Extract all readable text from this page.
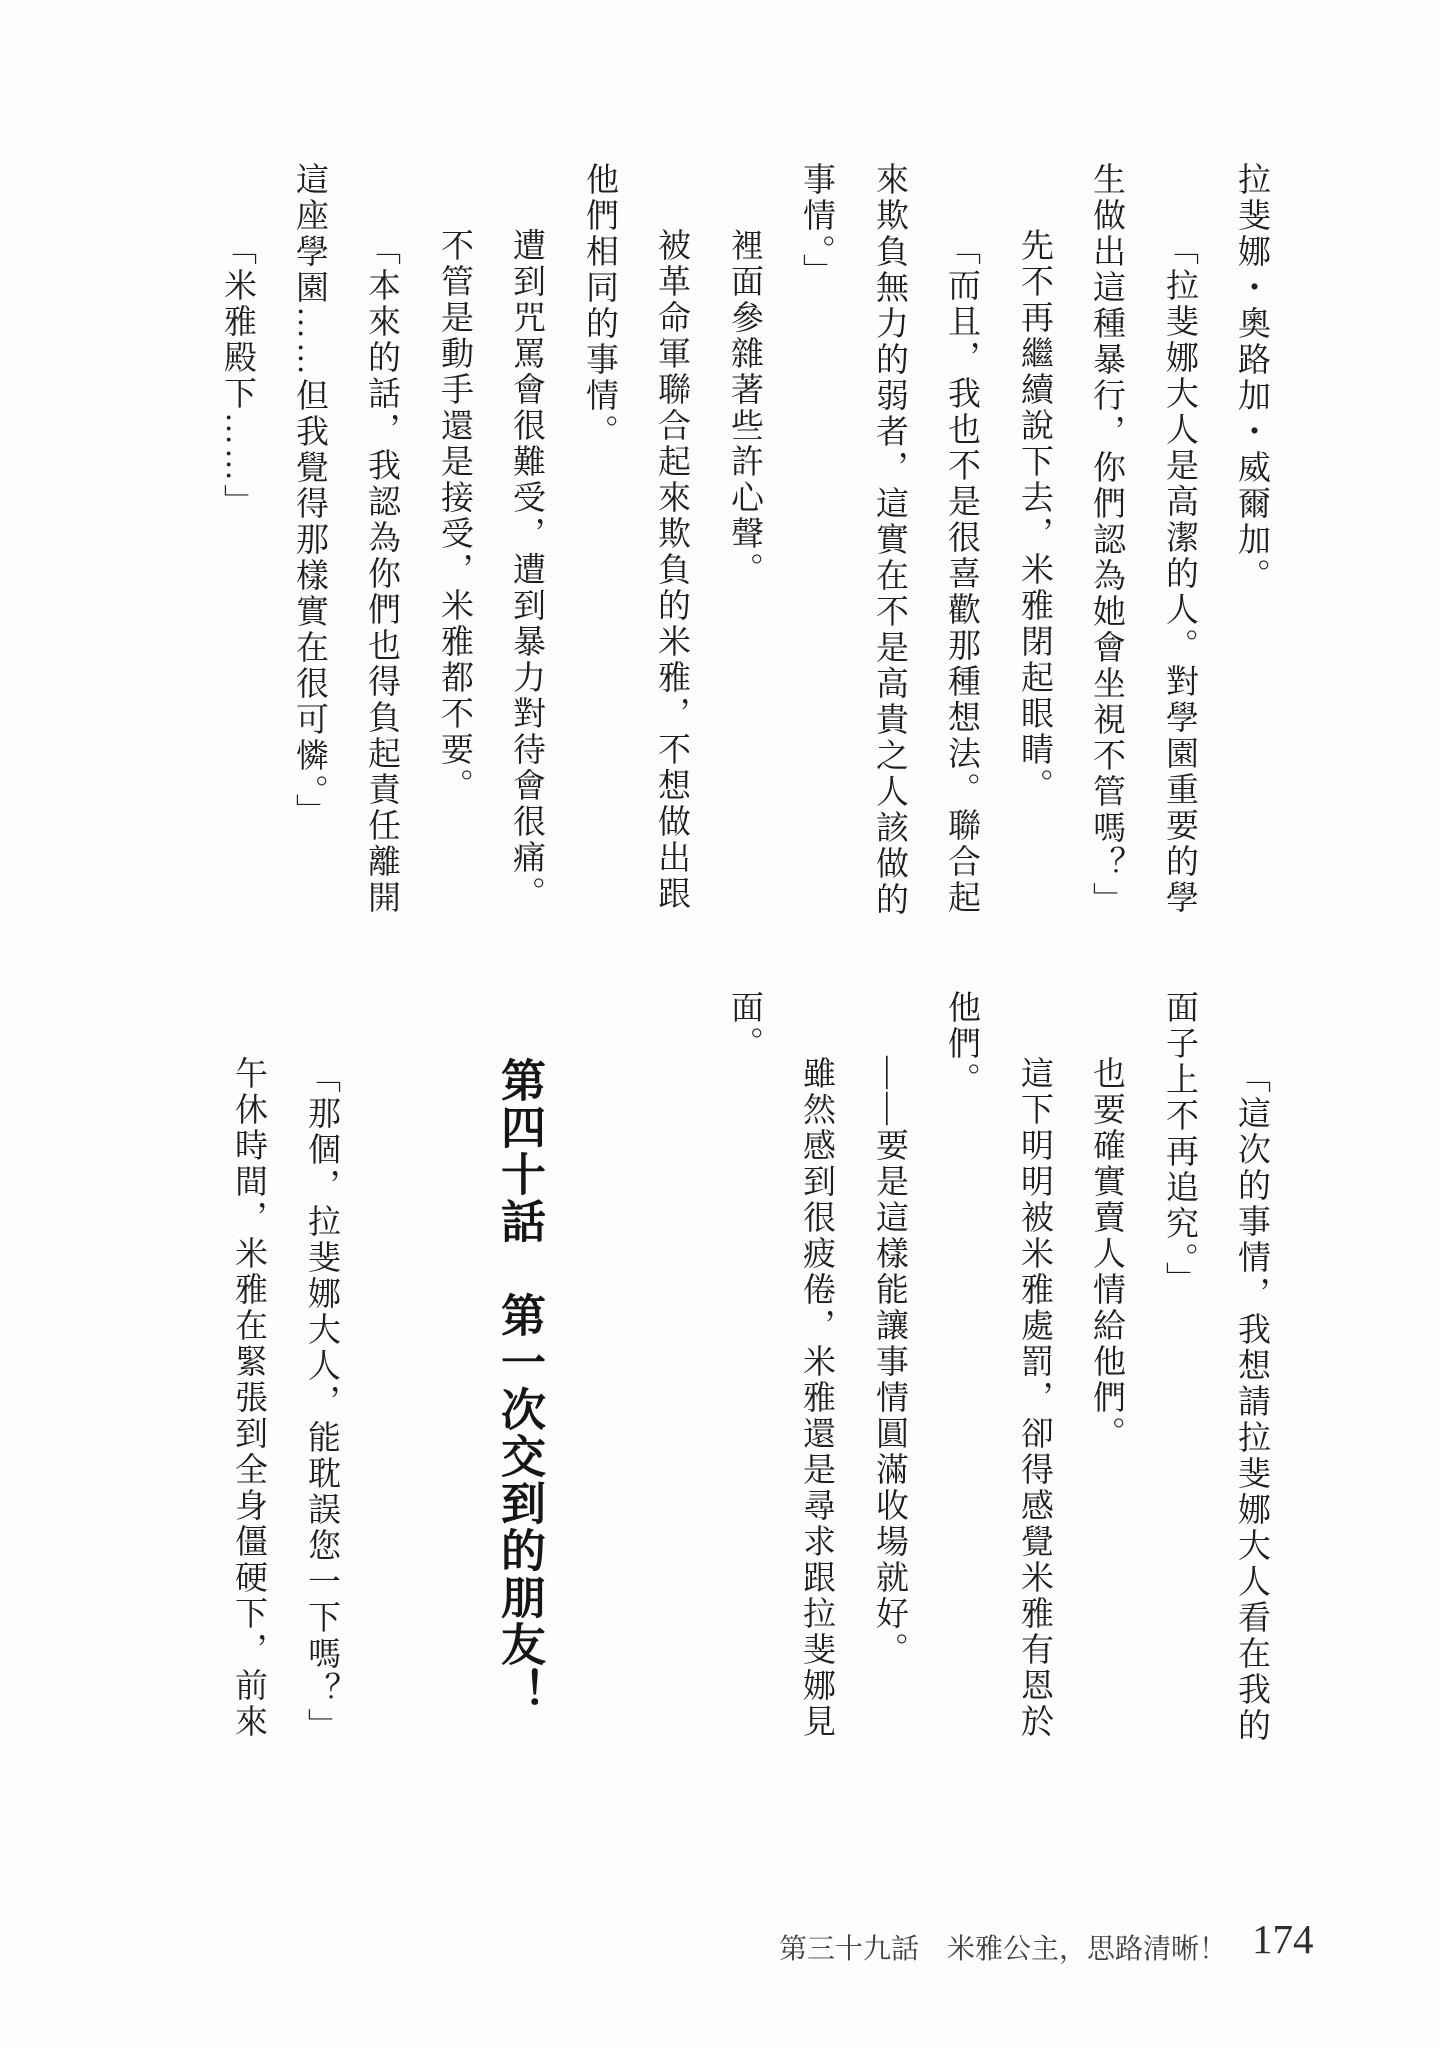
拉斐娜・奧路加・威爾加。
「拉斐娜大人是高潔的人。對學園重要的學
生做出這種暴行，你們認為她會坐視不管嗎？」
先不再繼續說下去，米雅閉起眼睛。
「而且，我也不是很喜歡那種想法。聯合起
來欺負無力的弱者，這實在不是高貴之人該做的
事情。」
裡面參雜著些許心聲。
被革命軍聯合起來欺負的米雅，不想做出跟
他們相同的事情。
遭到咒罵會很難受，遭到暴力對待會很痛。
不管是動手還是接受，米雅都不要。
「本來的話，我認為你們也得負起責任離開
這座學園……但我覺得那樣實在很可憐。」
「米雅殿下……」
「這次的事情，我想請拉斐娜大人看在我的
面子上不再追究。」
也要確實賣人情給他們。
這下明明被米雅處罰，卻得感覺米雅有恩於
他們。
——要是這樣能讓事情圓滿收場就好。
雖然感到很疲倦，米雅還是尋求跟拉斐娜見
面。
第四十話　第一次交到的朋友！
「那個，拉斐娜大人，能耽誤您一下嗎？」
午休時間，米雅在緊張到全身僵硬下，前來
第三十九話　米雅公主，思路清晰！ 174
